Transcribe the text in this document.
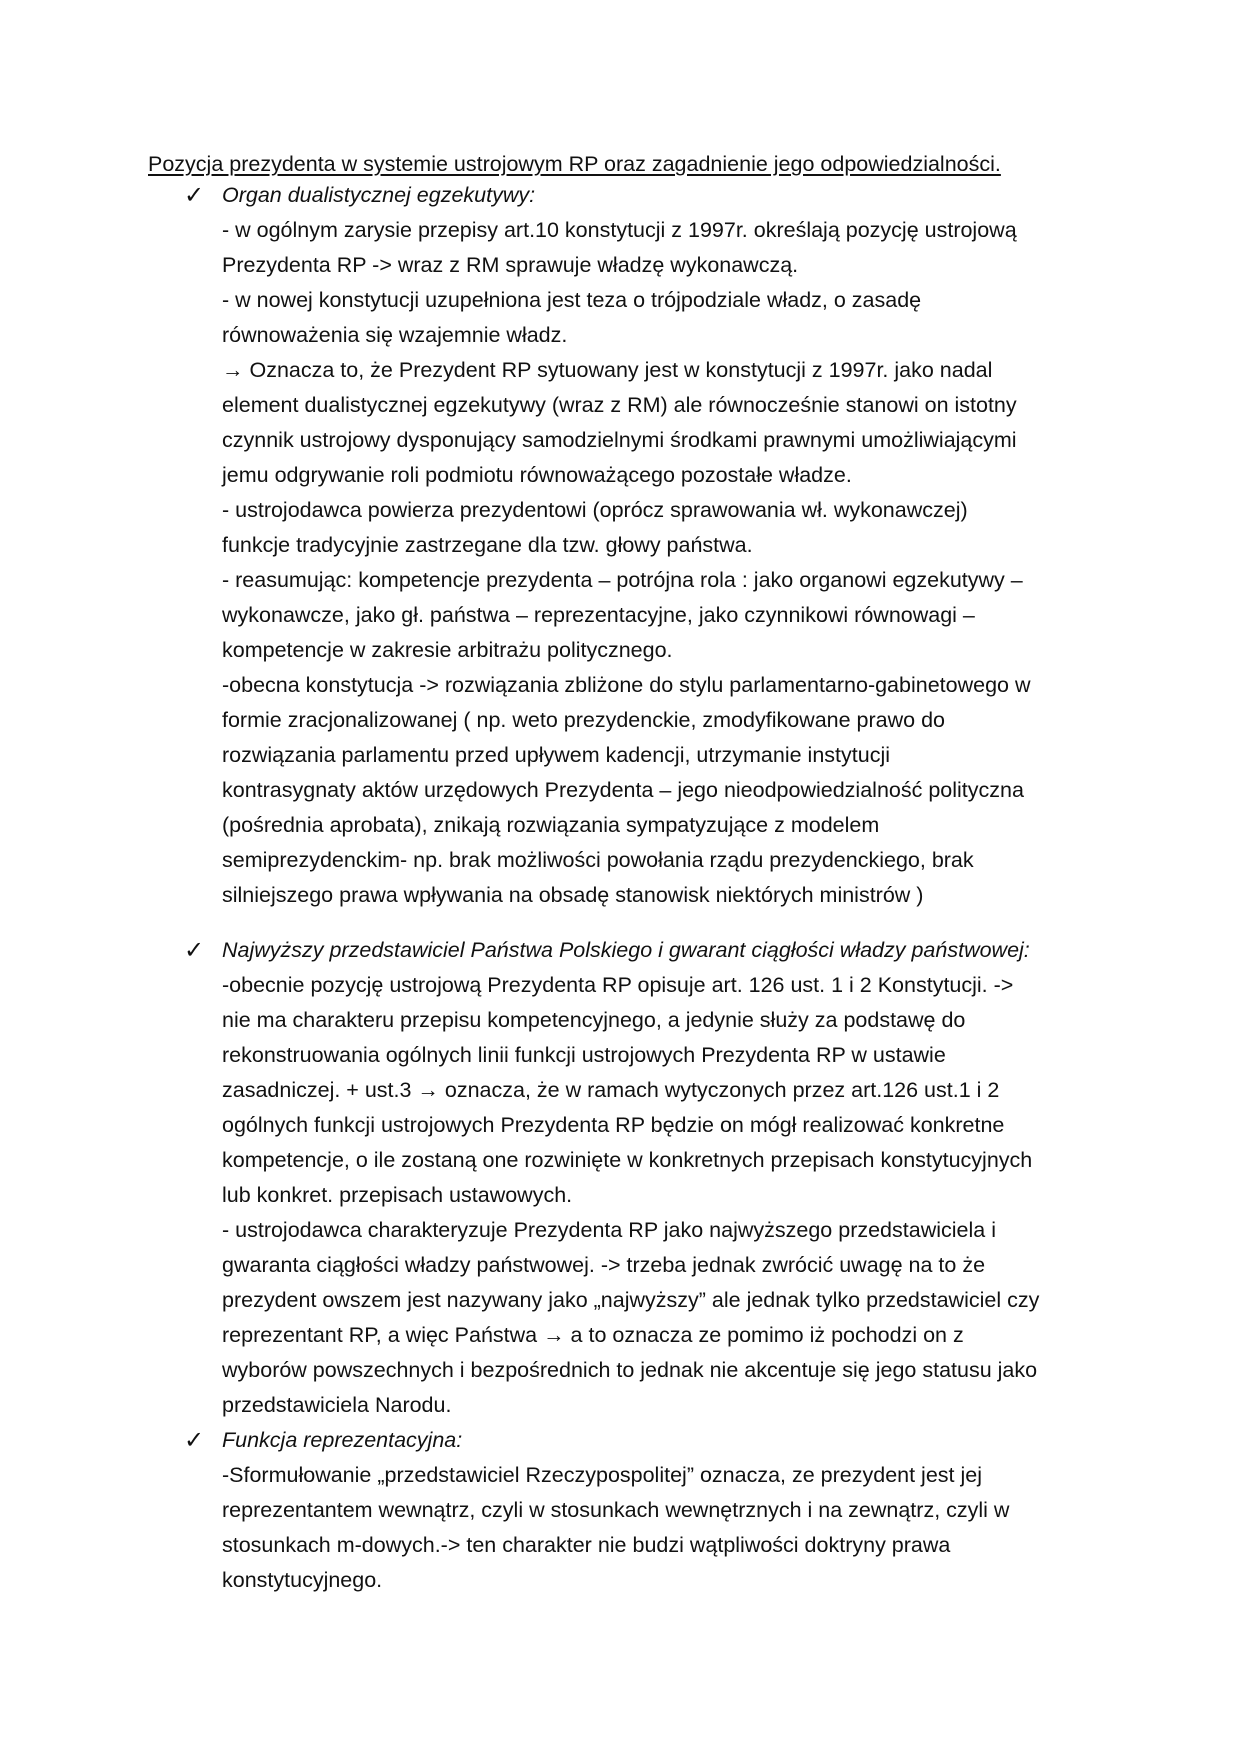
Pozycja prezydenta w systemie ustrojowym RP oraz zagadnienie jego odpowiedzialności.
✓ Organ dualistycznej egzekutywy:
- w ogólnym zarysie przepisy art.10 konstytucji z 1997r. określają pozycję ustrojową
Prezydenta RP -> wraz z RM sprawuje władzę wykonawczą.
- w nowej konstytucji uzupełniona jest teza o trójpodziale władz, o zasadę
równoważenia się wzajemnie władz.
→ Oznacza to, że Prezydent RP sytuowany jest w konstytucji z 1997r. jako nadal
element dualistycznej egzekutywy (wraz z RM) ale równocześnie stanowi on istotny
czynnik ustrojowy dysponujący samodzielnymi środkami prawnymi umożliwiającymi
jemu odgrywanie roli podmiotu równoważącego pozostałe władze.
- ustrojodawca powierza prezydentowi (oprócz sprawowania wł. wykonawczej)
funkcje tradycyjnie zastrzegane dla tzw. głowy państwa.
- reasumując: kompetencje prezydenta – potrójna rola : jako organowi egzekutywy –
wykonawcze, jako gł. państwa – reprezentacyjne, jako czynnikowi równowagi –
kompetencje w zakresie arbitrażu politycznego.
-obecna konstytucja -> rozwiązania zbliżone do stylu parlamentarno-gabinetowego w
formie zracjonalizowanej ( np. weto prezydenckie, zmodyfikowane prawo do
rozwiązania parlamentu przed upływem kadencji, utrzymanie instytucji
kontrasygnaty aktów urzędowych Prezydenta – jego nieodpowiedzialność polityczna
(pośrednia aprobata), znikają rozwiązania sympatyzujące z modelem
semiprezydenckim- np. brak możliwości powołania rządu prezydenckiego, brak
silniejszego prawa wpływania na obsadę stanowisk niektórych ministrów )
✓ Najwyższy przedstawiciel Państwa Polskiego i gwarant ciągłości władzy państwowej:
-obecnie pozycję ustrojową Prezydenta RP opisuje art. 126 ust. 1 i 2 Konstytucji. ->
nie ma charakteru przepisu kompetencyjnego, a jedynie służy za podstawę do
rekonstruowania ogólnych linii funkcji ustrojowych Prezydenta RP w ustawie
zasadniczej. + ust.3 → oznacza, że w ramach wytyczonych przez art.126 ust.1 i 2
ogólnych funkcji ustrojowych Prezydenta RP będzie on mógł realizować konkretne
kompetencje, o ile zostaną one rozwinięte w konkretnych przepisach konstytucyjnych
lub konkret. przepisach ustawowych.
- ustrojodawca charakteryzuje Prezydenta RP jako najwyższego przedstawiciela i
gwaranta ciągłości władzy państwowej. -> trzeba jednak zwrócić uwagę na to że
prezydent owszem jest nazywany jako „najwyższy” ale jednak tylko przedstawiciel czy
reprezentant RP, a więc Państwa → a to oznacza ze pomimo iż pochodzi on z
wyborów powszechnych i bezpośrednich to jednak nie akcentuje się jego statusu jako
przedstawiciela Narodu.
✓ Funkcja reprezentacyjna:
-Sformułowanie „przedstawiciel Rzeczypospolitej” oznacza, ze prezydent jest jej
reprezentantem wewnątrz, czyli w stosunkach wewnętrznych i na zewnątrz, czyli w
stosunkach m-dowych.-> ten charakter nie budzi wątpliwości doktryny prawa
konstytucyjnego.
